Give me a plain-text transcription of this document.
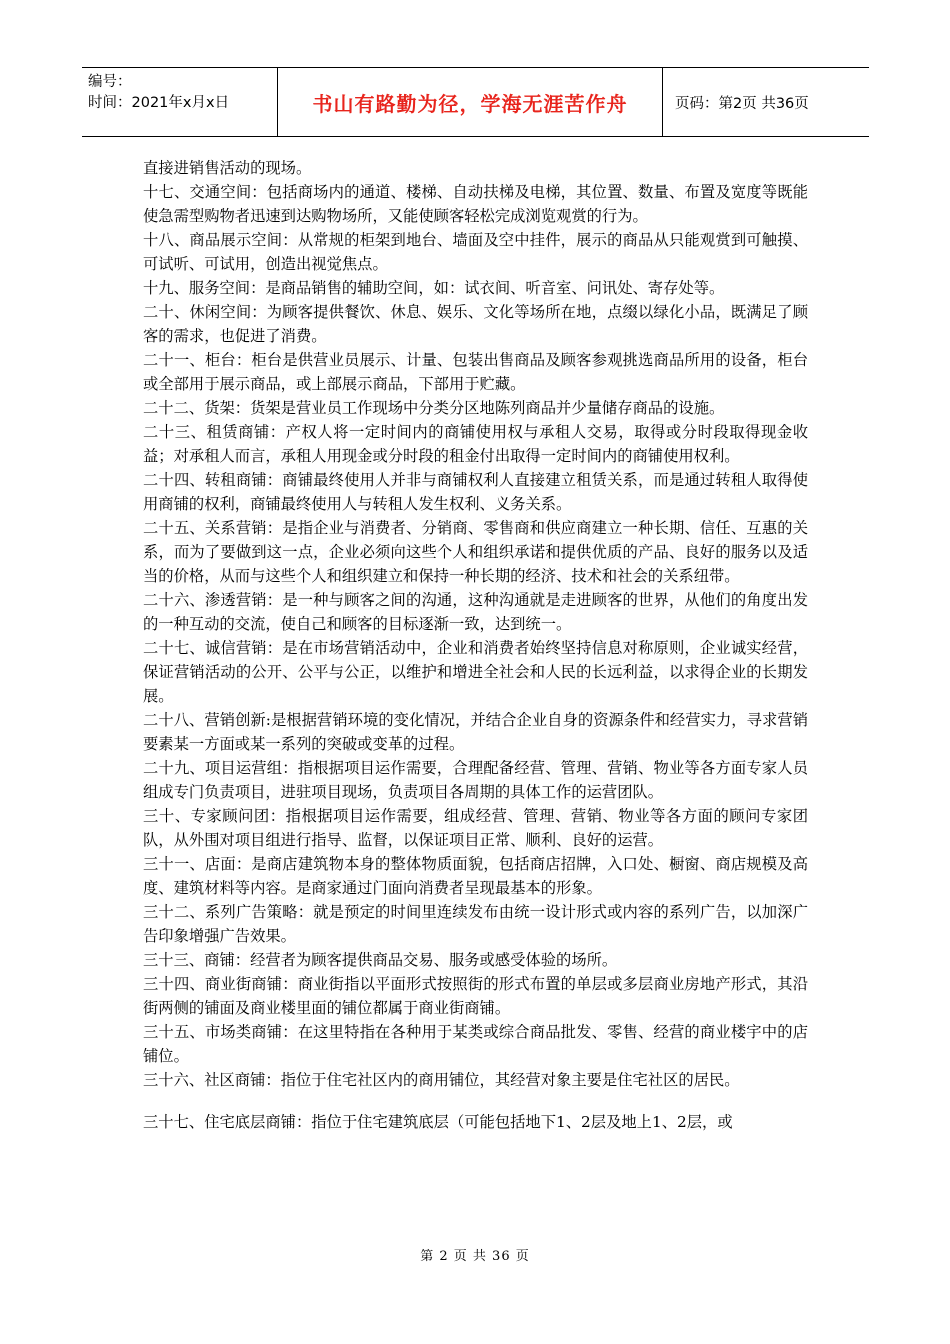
编号：
时间：2021年x月x日	书山有路勤为径，学海无涯苦作舟	页码：第2页 共36页

直接进销售活动的现场。

十七、交通空间：包括商场内的通道、楼梯、自动扶梯及电梯，其位置、数量、布置及宽度等既能使急需型购物者迅速到达购物场所，又能使顾客轻松完成浏览观赏的行为。

十八、商品展示空间：从常规的柜架到地台、墙面及空中挂件，展示的商品从只能观赏到可触摸、可试听、可试用，创造出视觉焦点。

十九、服务空间：是商品销售的辅助空间，如：试衣间、听音室、问讯处、寄存处等。

二十、休闲空间：为顾客提供餐饮、休息、娱乐、文化等场所在地，点缀以绿化小品，既满足了顾客的需求，也促进了消费。

二十一、柜台：柜台是供营业员展示、计量、包装出售商品及顾客参观挑选商品所用的设备，柜台或全部用于展示商品，或上部展示商品，下部用于贮藏。

二十二、货架：货架是营业员工作现场中分类分区地陈列商品并少量储存商品的设施。

二十三、租赁商铺：产权人将一定时间内的商铺使用权与承租人交易，取得或分时段取得现金收益；对承租人而言，承租人用现金或分时段的租金付出取得一定时间内的商铺使用权利。

二十四、转租商铺：商铺最终使用人并非与商铺权利人直接建立租赁关系，而是通过转租人取得使用商铺的权利，商铺最终使用人与转租人发生权利、义务关系。

二十五、关系营销：是指企业与消费者、分销商、零售商和供应商建立一种长期、信任、互惠的关系，而为了要做到这一点，企业必须向这些个人和组织承诺和提供优质的产品、良好的服务以及适当的价格，从而与这些个人和组织建立和保持一种长期的经济、技术和社会的关系纽带。

二十六、渗透营销：是一种与顾客之间的沟通，这种沟通就是走进顾客的世界，从他们的角度出发的一种互动的交流，使自己和顾客的目标逐渐一致，达到统一。

二十七、诚信营销：是在市场营销活动中，企业和消费者始终坚持信息对称原则，企业诚实经营，保证营销活动的公开、公平与公正，以维护和增进全社会和人民的长远利益，以求得企业的长期发展。

二十八、营销创新:是根据营销环境的变化情况，并结合企业自身的资源条件和经营实力，寻求营销要素某一方面或某一系列的突破或变革的过程。

二十九、项目运营组：指根据项目运作需要，合理配备经营、管理、营销、物业等各方面专家人员组成专门负责项目，进驻项目现场，负责项目各周期的具体工作的运营团队。

三十、专家顾问团：指根据项目运作需要，组成经营、管理、营销、物业等各方面的顾问专家团队，从外围对项目组进行指导、监督，以保证项目正常、顺利、良好的运营。

三十一、店面：是商店建筑物本身的整体物质面貌，包括商店招牌，入口处、橱窗、商店规模及高度、建筑材料等内容。是商家通过门面向消费者呈现最基本的形象。

三十二、系列广告策略：就是预定的时间里连续发布由统一设计形式或内容的系列广告，以加深广告印象增强广告效果。

三十三、商铺：经营者为顾客提供商品交易、服务或感受体验的场所。

三十四、商业街商铺：商业街指以平面形式按照街的形式布置的单层或多层商业房地产形式，其沿街两侧的铺面及商业楼里面的铺位都属于商业街商铺。

三十五、市场类商铺：在这里特指在各种用于某类或综合商品批发、零售、经营的商业楼宇中的店铺位。

三十六、社区商铺：指位于住宅社区内的商用铺位，其经营对象主要是住宅社区的居民。

三十七、住宅底层商铺：指位于住宅建筑底层（可能包括地下1、2层及地上1、2层，或

第 2 页 共 36 页
